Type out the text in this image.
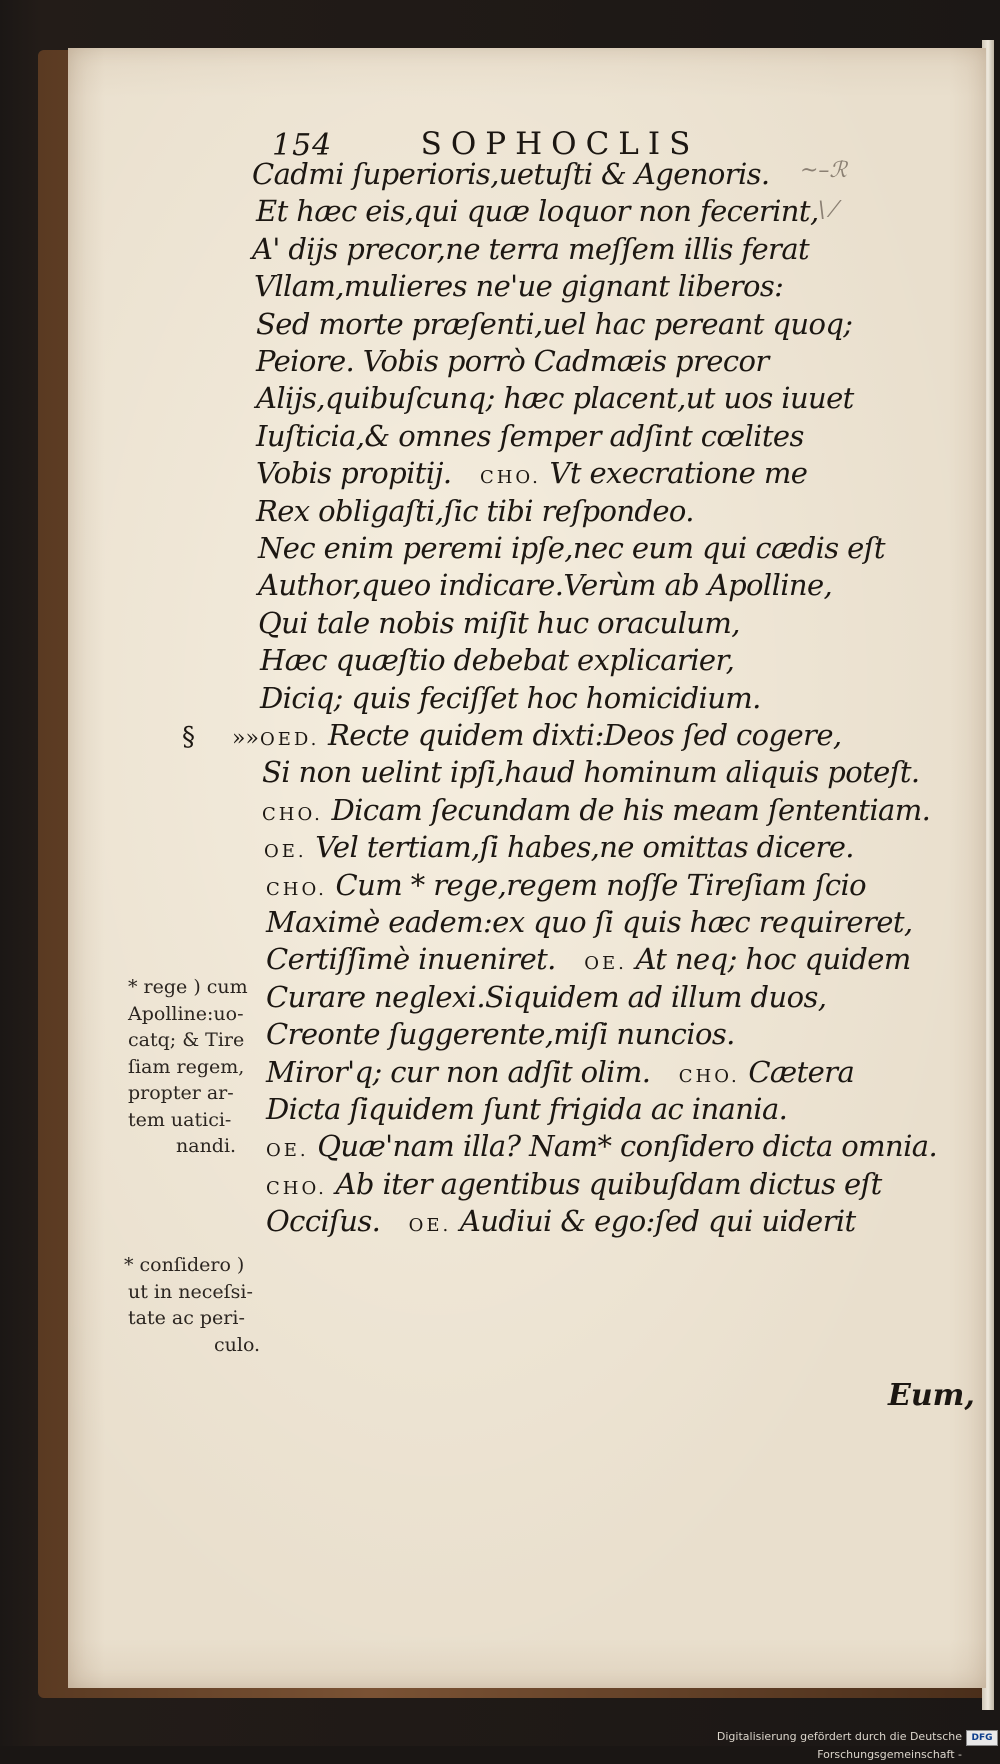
154	SOPHOCLIS
~–ℛ
\ ⁄
Cadmi ſuperioris,uetuſti & Agenoris.
Et hæc eis,qui quæ loquor non fecerint,
A' dijs precor,ne terra meſſem illis ferat
Vllam,mulieres ne'ue gignant liberos:
Sed morte præſenti,uel hac pereant quoq;
Peiore. Vobis porrò Cadmæis precor
Alijs,quibuſcunq; hæc placent,ut uos iuuet
Iuſticia,& omnes ſemper adſint cœlites
Vobis propitij.  CHO. Vt execratione me
Rex obligaſti,ſic tibi reſpondeo.
Nec enim peremi ipſe,nec eum qui cædis eſt
Author,queo indicare.Verùm ab Apolline,
Qui tale nobis miſit huc oraculum,
Hæc quæſtio debebat explicarier,
Diciq; quis feciſſet hoc homicidium.
OED. Recte quidem dixti:Deos ſed cogere,
Si non uelint ipſi,haud hominum aliquis poteſt.
CHO. Dicam ſecundam de his meam ſententiam.
OE. Vel tertiam,ſi habes,ne omittas dicere.
CHO. Cum * rege,regem noſſe Tireſiam ſcio
Maximè eadem:ex quo ſi quis hæc requireret,
Certiſſimè inueniret.  OE. At neq; hoc quidem
Curare neglexi.Siquidem ad illum duos,
Creonte ſuggerente,miſi nuncios.
Miror'q; cur non adſit olim.  CHO. Cætera
Dicta ſiquidem ſunt frigida ac inania.
OE. Quæ'nam illa? Nam* conſidero dicta omnia.
CHO. Ab iter agentibus quibuſdam dictus eſt
Occiſus.  OE. Audiui & ego:ſed qui uiderit
§ »»
* rege ) cum
Apolline:uo-
catq; & Tire
ſiam regem,
propter ar-
tem uatici-
nandi.
* conſidero )
ut in neceſsi-
tate ac peri-
culo.
Eum,
Digitalisierung gefördert durch die Deutsche Forschungsgemeinschaft -
DFG
